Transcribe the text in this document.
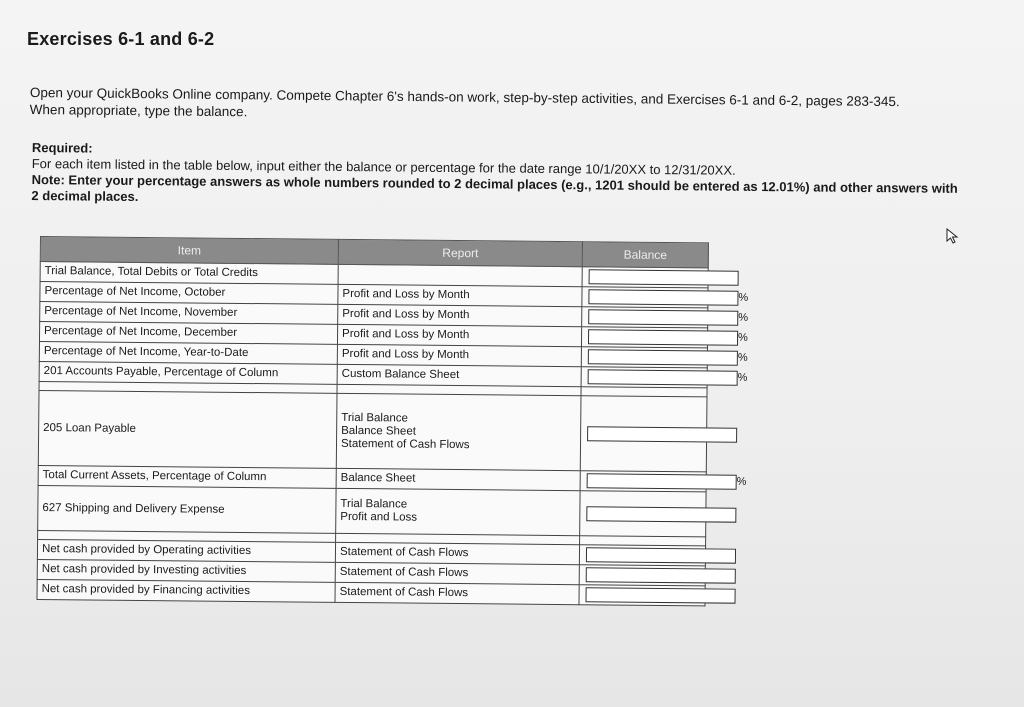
Exercises 6-1 and 6-2

Open your QuickBooks Online company. Compete Chapter 6's hands-on work, step-by-step activities, and Exercises 6-1 and 6-2, pages 283-345. When appropriate, type the balance.

Required:
For each item listed in the table below, input either the balance or percentage for the date range 10/1/20XX to 12/31/20XX.
Note: Enter your percentage answers as whole numbers rounded to 2 decimal places (e.g., 1201 should be entered as 12.01%) and other answers with 2 decimal places.
Item	Report	Balance
Trial Balance, Total Debits or Total Credits		

Percentage of Net Income, October	Profit and Loss by Month	%

Percentage of Net Income, November	Profit and Loss by Month	%

Percentage of Net Income, December	Profit and Loss by Month	%

Percentage of Net Income, Year-to-Date	Profit and Loss by Month	%

201 Accounts Payable, Percentage of Column	Custom Balance Sheet	%

205 Loan Payable	Trial Balance
Balance Sheet
Statement of Cash Flows

Total Current Assets, Percentage of Column	Balance Sheet	%

627 Shipping and Delivery Expense	Trial Balance
Profit and Loss

Net cash provided by Operating activities	Statement of Cash Flows

Net cash provided by Investing activities	Statement of Cash Flows

Net cash provided by Financing activities	Statement of Cash Flows
